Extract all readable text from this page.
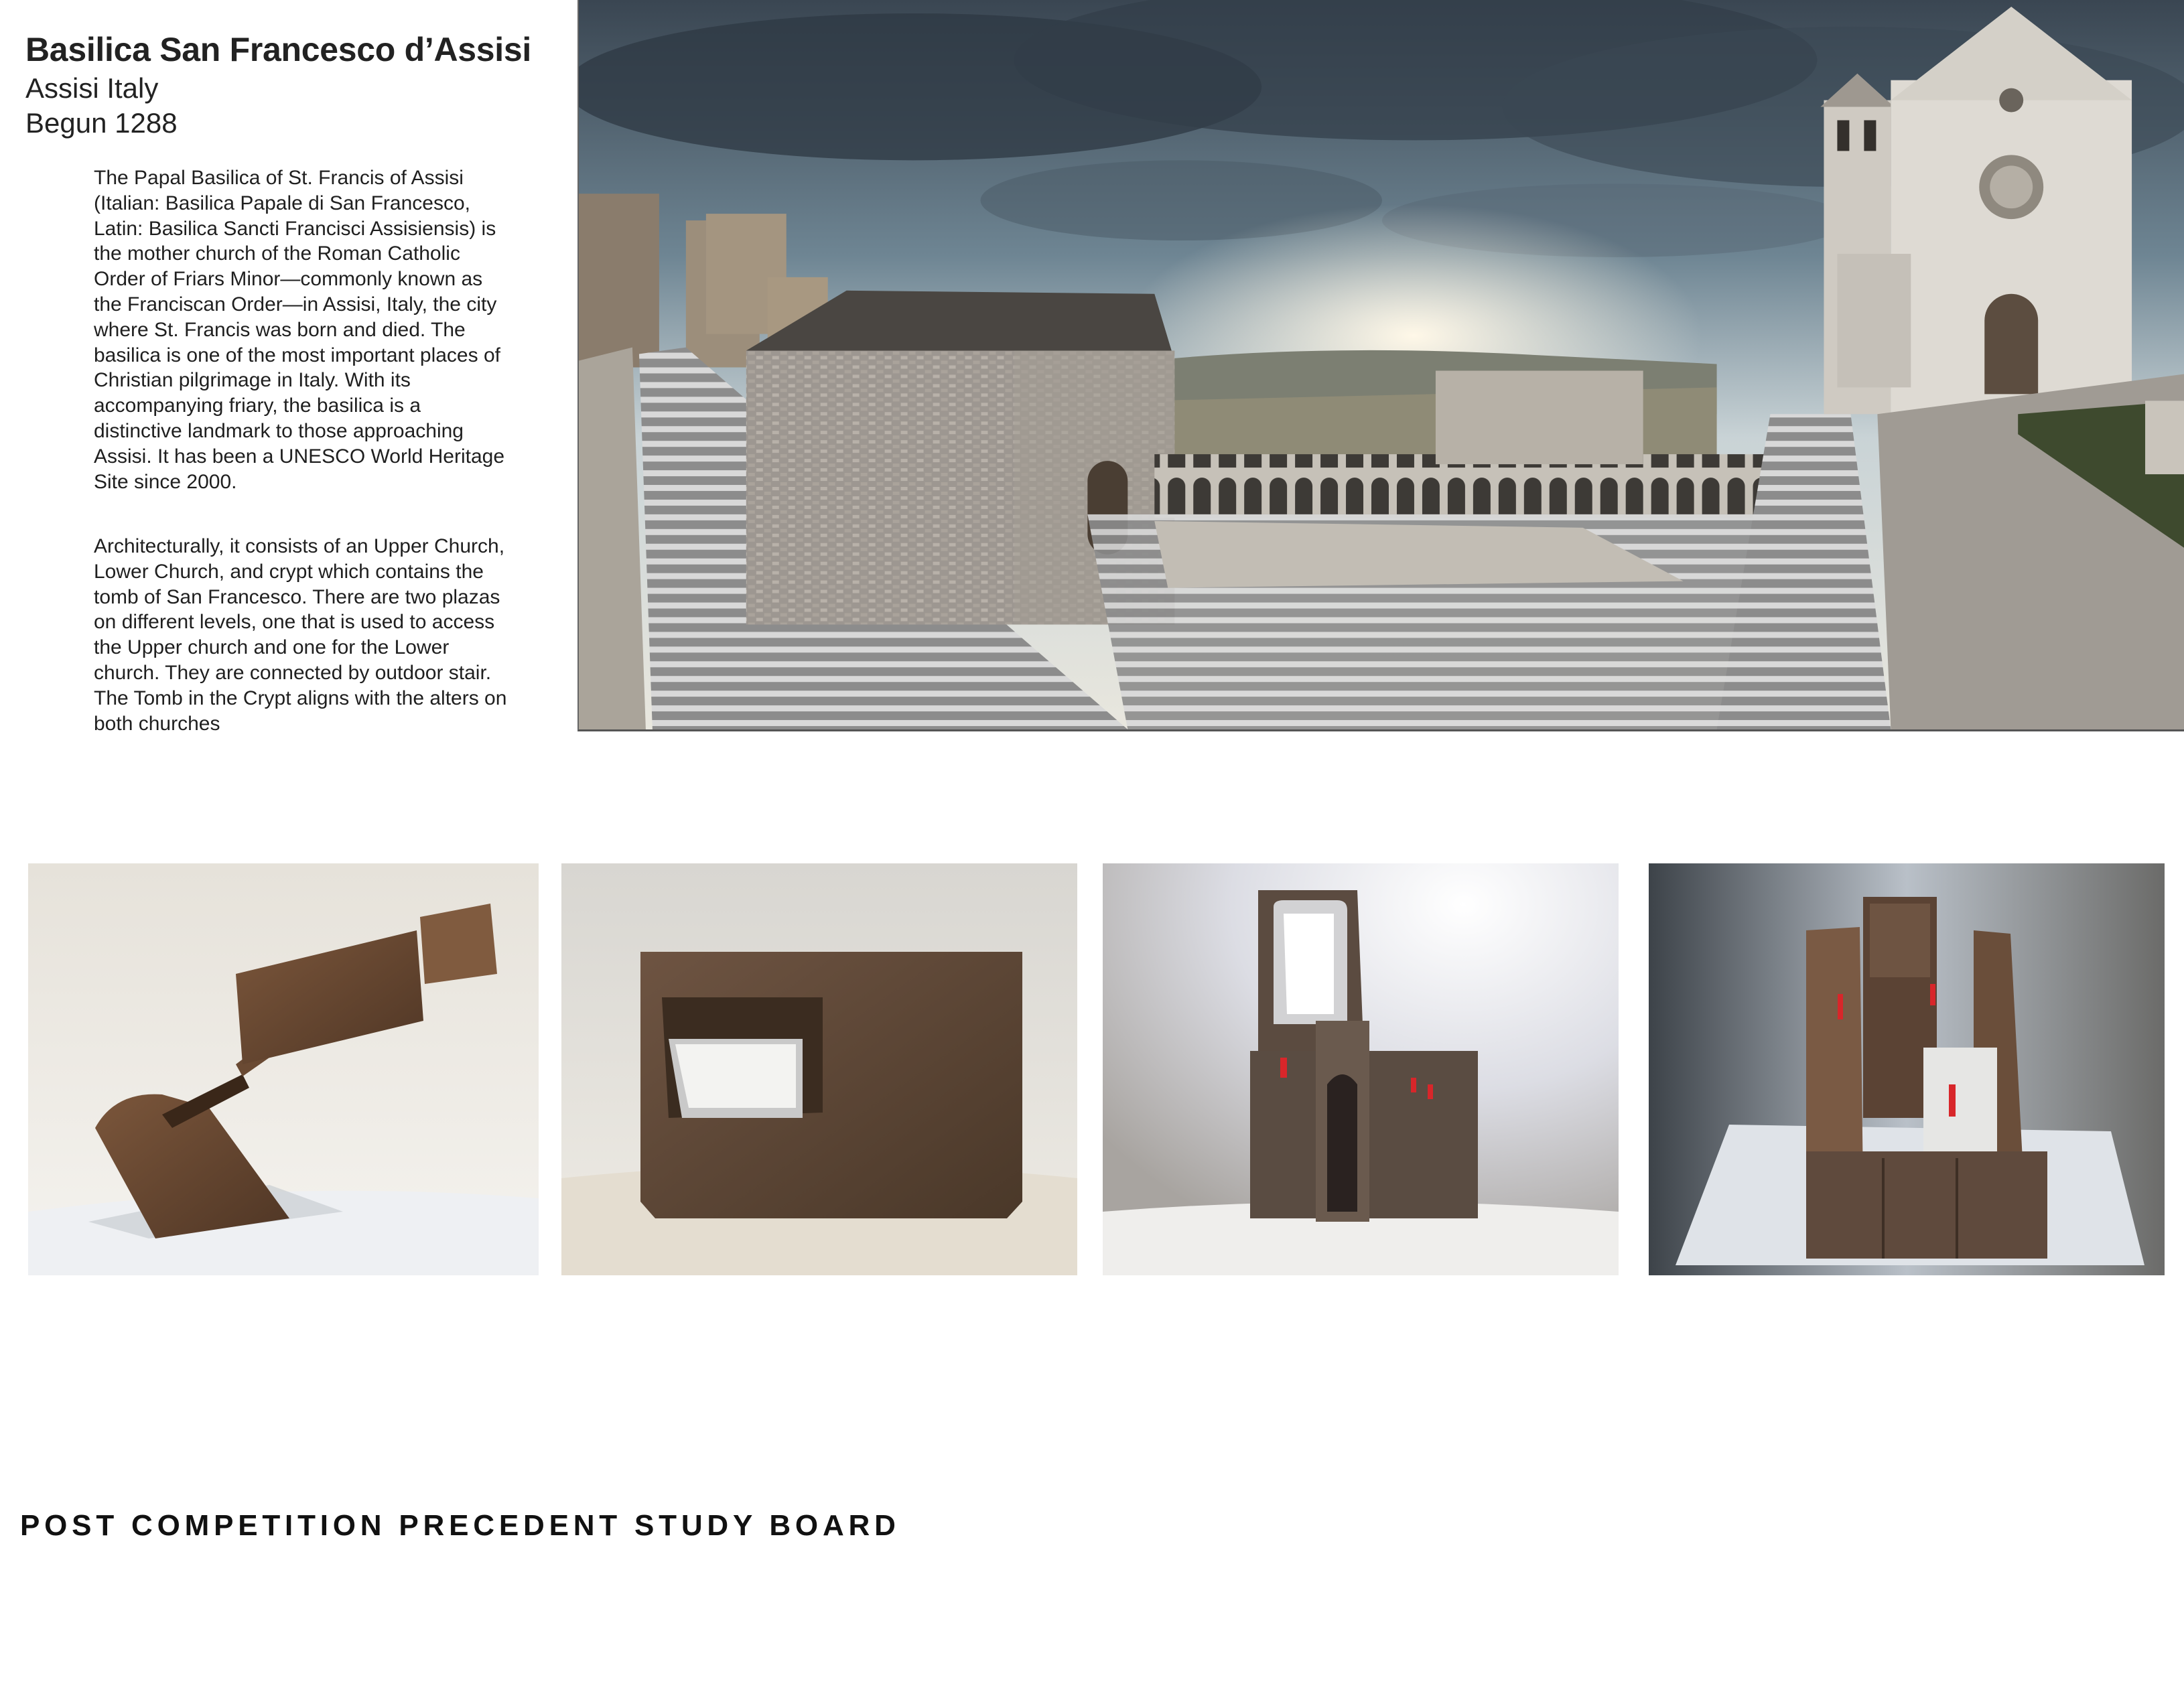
Basilica San Francesco d’Assisi

Assisi Italy

Begun 1288

The Papal Basilica of St. Francis of Assisi (Italian: Basilica Papale di San Francesco, Latin: Basilica Sancti Francisci Assisiensis) is the mother church of the Roman Catholic Order of Friars Minor—commonly known as the Franciscan Order—in Assisi, Italy, the city where St. Francis was born and died. The basilica is one of the most important places of Christian pilgrimage in Italy. With its accompanying friary, the basilica is a distinctive landmark to those approaching Assisi. It has been a UNESCO World Heritage Site since 2000.

Architecturally, it consists of an Upper Church, Lower Church, and crypt which contains the tomb of San Francesco. There are two plazas on different levels, one that is used to access the Upper church and one for the Lower church. They are connected by outdoor stair. The Tomb in the Crypt aligns with the alters on both churches

POST COMPETITION PRECEDENT STUDY BOARD
